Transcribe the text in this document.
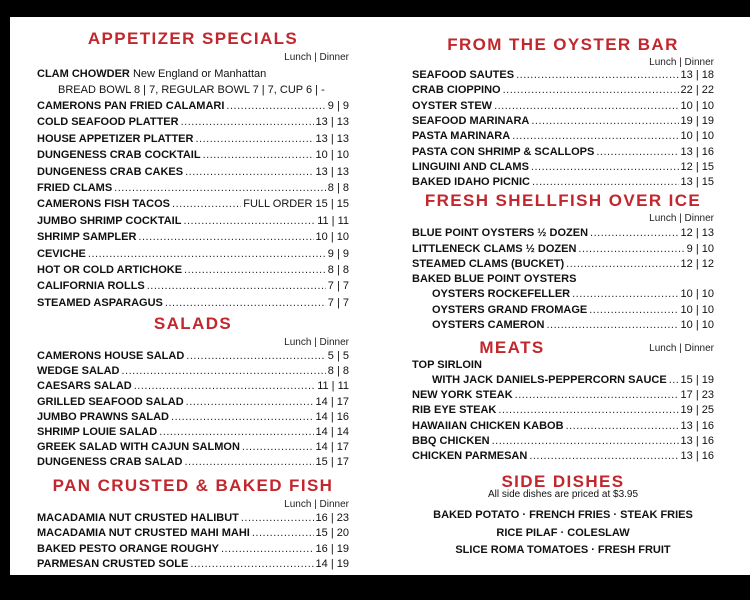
APPETIZER SPECIALS
Lunch | Dinner
CLAM CHOWDER New England or Manhattan
BREAD BOWL 8 | 7, REGULAR BOWL 7 | 7, CUP 6 | -
CAMERONS PAN FRIED CALAMARI .....	9 | 9
COLD SEAFOOD PLATTER .....	13 | 13
HOUSE APPETIZER PLATTER .....	13 | 13
DUNGENESS CRAB COCKTAIL .....	10 | 10
DUNGENESS CRAB CAKES .....	13 | 13
FRIED CLAMS .....	8 | 8
CAMERONS FISH TACOS .....	FULL ORDER 15 | 15
JUMBO SHRIMP COCKTAIL .....	11 | 11
SHRIMP SAMPLER .....	10 | 10
CEVICHE .....	9 | 9
HOT OR COLD ARTICHOKE .....	8 | 8
CALIFORNIA ROLLS .....	7 | 7
STEAMED ASPARAGUS .....	7 | 7
SALADS
Lunch | Dinner
CAMERONS HOUSE SALAD .....	5 | 5
WEDGE SALAD .....	8 | 8
CAESARS SALAD .....	11 | 11
GRILLED SEAFOOD SALAD .....	14 | 17
JUMBO PRAWNS SALAD .....	14 | 16
SHRIMP LOUIE SALAD .....	14 | 14
GREEK SALAD WITH CAJUN SALMON .....	14 | 17
DUNGENESS CRAB SALAD .....	15 | 17
PAN CRUSTED & BAKED FISH
Lunch | Dinner
MACADAMIA NUT CRUSTED HALIBUT .....	16 | 23
MACADAMIA NUT CRUSTED MAHI MAHI .....	15 | 20
BAKED PESTO ORANGE ROUGHY .....	16 | 19
PARMESAN CRUSTED SOLE .....	14 | 19
FROM THE OYSTER BAR
Lunch | Dinner
SEAFOOD SAUTES .....	13 | 18
CRAB CIOPPINO .....	22 | 22
OYSTER STEW .....	10 | 10
SEAFOOD MARINARA .....	19 | 19
PASTA MARINARA .....	10 | 10
PASTA CON SHRIMP & SCALLOPS .....	13 | 16
LINGUINI AND CLAMS .....	12 | 15
BAKED IDAHO PICNIC .....	13 | 15
FRESH SHELLFISH OVER ICE
Lunch | Dinner
BLUE POINT OYSTERS ½ DOZEN .....	12 | 13
LITTLENECK CLAMS ½ DOZEN .....	9 | 10
STEAMED CLAMS (BUCKET) .....	12 | 12
BAKED BLUE POINT OYSTERS
OYSTERS ROCKEFELLER .....	10 | 10
OYSTERS GRAND FROMAGE .....	10 | 10
OYSTERS CAMERON .....	10 | 10
MEATS	Lunch | Dinner
TOP SIRLOIN
WITH JACK DANIELS-PEPPERCORN SAUCE ..... 15 | 19
NEW YORK STEAK .....	17 | 23
RIB EYE STEAK .....	19 | 25
HAWAIIAN CHICKEN KABOB .....	13 | 16
BBQ CHICKEN .....	13 | 16
CHICKEN PARMESAN .....	13 | 16
SIDE DISHES
All side dishes are priced at $3.95
BAKED POTATO · FRENCH FRIES · STEAK FRIES
RICE PILAF · COLESLAW
SLICE ROMA TOMATOES · FRESH FRUIT
